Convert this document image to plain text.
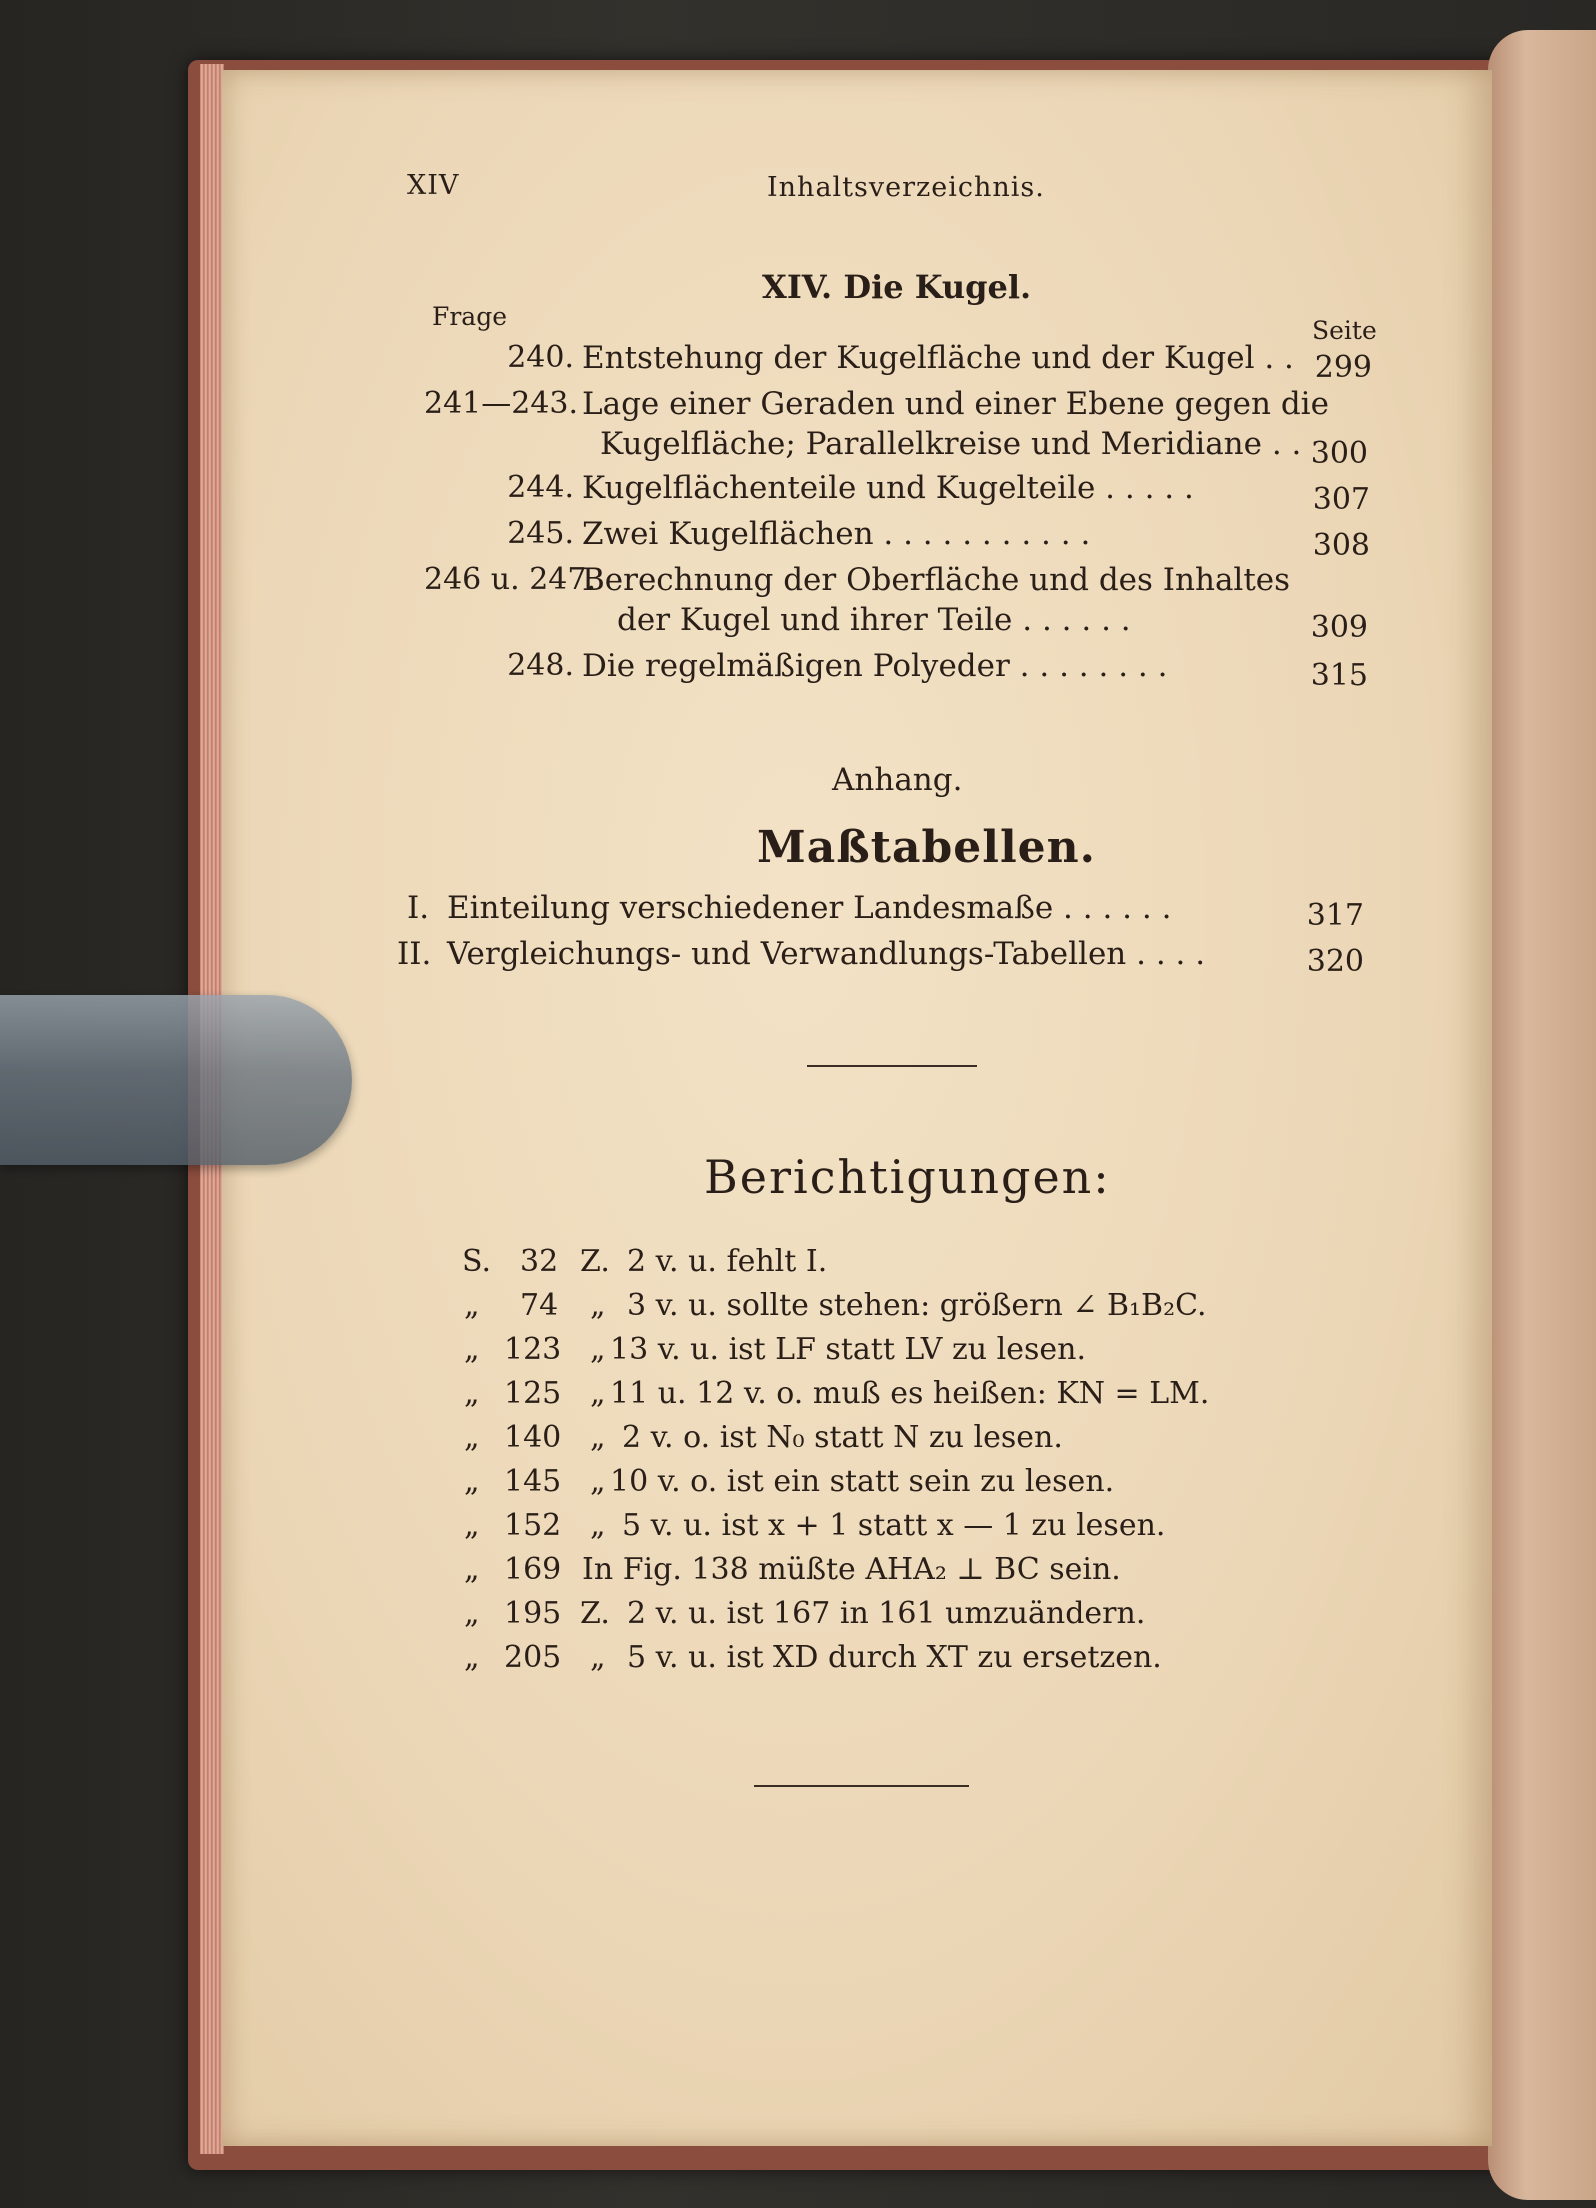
XIV	Inhaltsverzeichnis.
XIV. Die Kugel.
Frage	Seite
240. Entstehung der Kugelfläche und der Kugel . . 299
241—243. Lage einer Geraden und einer Ebene gegen die
Kugelfläche; Parallelkreise und Meridiane . . 300
244. Kugelflächenteile und Kugelteile . . . . .	307
245. Zwei Kugelflächen . . . . . . . . . . .	308
246 u. 247.
Berechnung der Oberfläche und des Inhaltes
der Kugel und ihrer Teile . . . . . .	309
248. Die regelmäßigen Polyeder . . . . . . . .	315
Anhang.
Maßtabellen.
I. Einteilung verschiedener Landesmaße . . . . . .	317
II. Vergleichungs- und Verwandlungs-Tabellen . . . .	320
Berichtigungen:
S. 32 Z. 2 v. u. fehlt I.
„ 74 „ 3 v. u. sollte stehen: größern ∠ B₁B₂C.
„ 123 „ 13 v. u. ist LF statt LV zu lesen.
„ 125 „ 11 u. 12 v. o. muß es heißen: KN = LM.
„ 140 „ 2 v. o. ist N₀ statt N zu lesen.
„ 145 „ 10 v. o. ist ein statt sein zu lesen.
„ 152 „ 5 v. u. ist x + 1 statt x — 1 zu lesen.
„ 169 In Fig. 138 müßte AHA₂ ⊥ BC sein.
„ 195 Z. 2 v. u. ist 167 in 161 umzuändern.
„ 205 „ 5 v. u. ist XD durch XT zu ersetzen.
